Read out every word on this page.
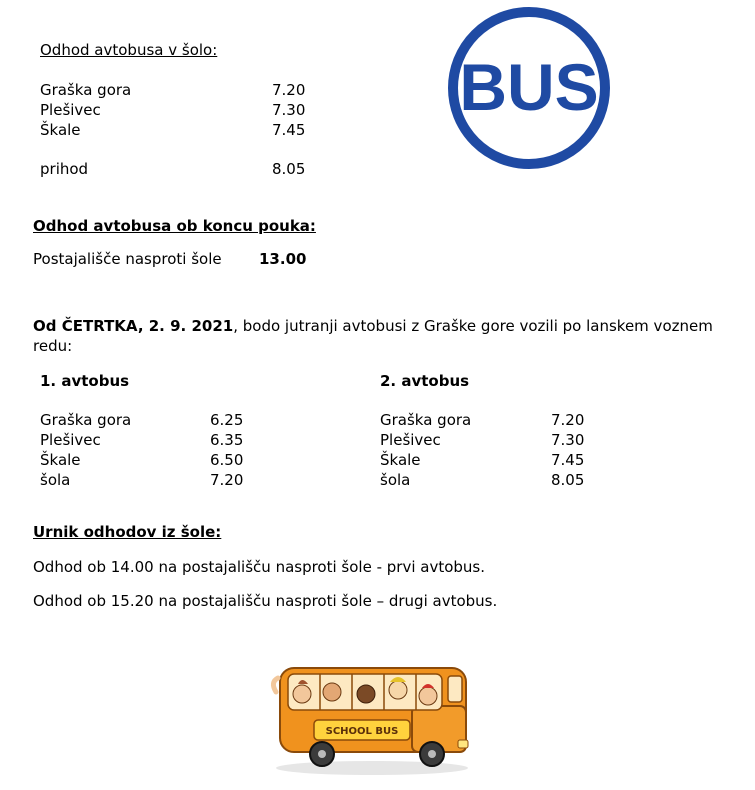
Odhod avtobusa v šolo:
Graška gora	7.20
Plešivec	7.30
Škale	7.45
prihod	8.05
BUS
Odhod avtobusa ob koncu pouka:
Postajališče nasproti šole 13.00
Od ČETRTKA, 2. 9. 2021, bodo jutranji avtobusi z Graške gore vozili po lanskem voznem
redu:
1. avtobus
Graška gora	6.25
Plešivec	6.35
Škale	6.50
šola	7.20
2. avtobus
Graška gora	7.20
Plešivec	7.30
Škale	7.45
šola	8.05
Urnik odhodov iz šole:
Odhod ob 14.00 na postajališču nasproti šole - prvi avtobus.
Odhod ob 15.20 na postajališču nasproti šole – drugi avtobus.
SCHOOL BUS
